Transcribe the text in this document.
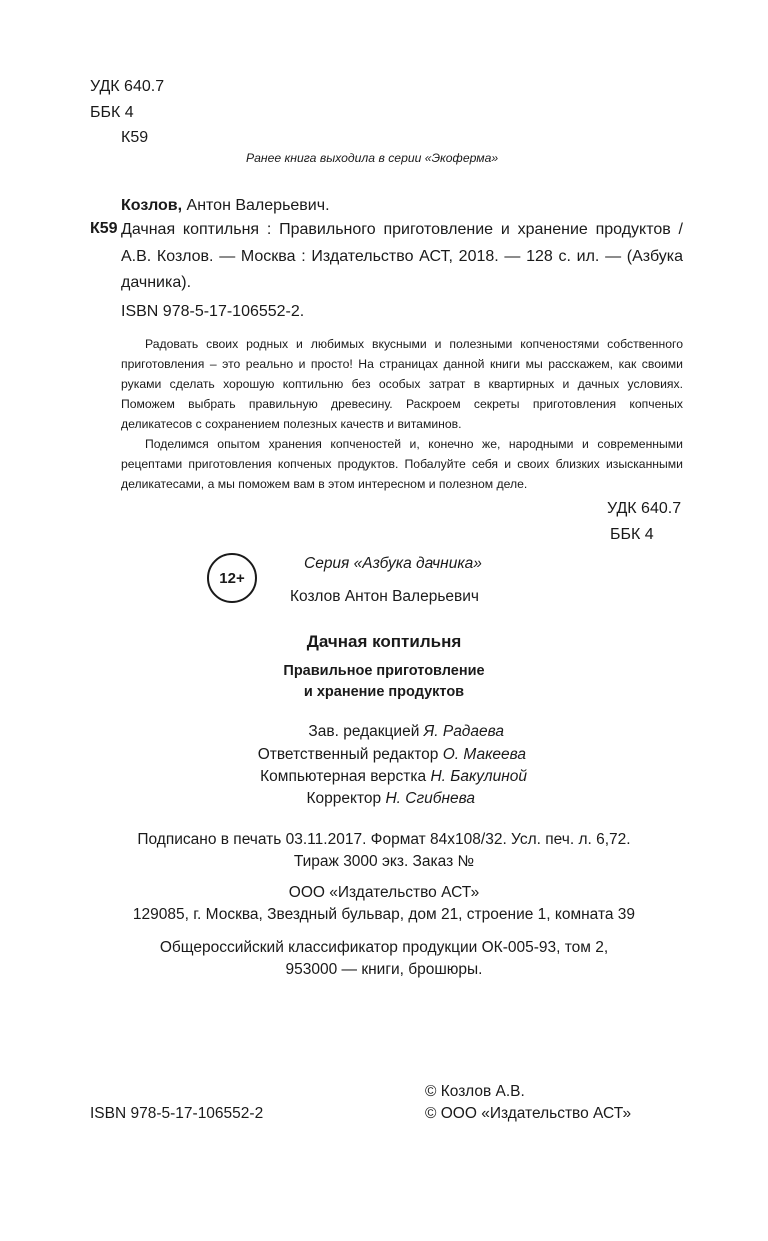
УДК 640.7
ББК 4
К59
Ранее книга выходила в серии «Экоферма»
Козлов, Антон Валерьевич.
К59 Дачная коптильня : Правильного приготовление и хранение продуктов / А.В. Козлов. — Москва : Издательство АСТ, 2018. — 128 с. ил. — (Азбука дачника).
ISBN 978-5-17-106552-2.

Радовать своих родных и любимых вкусными и полезными копченостями собственного приготовления – это реально и просто! На страницах данной книги мы расскажем, как своими руками сделать хорошую коптильню без особых затрат в квартирных и дачных условиях. Поможем выбрать правильную древесину. Раскроем секреты приготовления копченых деликатесов с сохранением полезных качеств и витаминов.

Поделимся опытом хранения копченостей и, конечно же, народными и современными рецептами приготовления копченых продуктов. Побалуйте себя и своих близких изысканными деликатесами, а мы поможем вам в этом интересном и полезном деле.

УДК 640.7
ББК 4
12+
Серия «Азбука дачника»
Козлов Антон Валерьевич
Дачная коптильня
Правильное приготовление
и хранение продуктов
Зав. редакцией Я. Радаева
Ответственный редактор О. Макеева
Компьютерная верстка Н. Бакулиной
Корректор Н. Сгибнева
Подписано в печать 03.11.2017. Формат 84x108/32. Усл. печ. л. 6,72.
Тираж 3000 экз. Заказ №
ООО «Издательство АСТ»
129085, г. Москва, Звездный бульвар, дом 21, строение 1, комната 39
Общероссийский классификатор продукции ОК-005-93, том 2,
953000 — книги, брошюры.
© Козлов А.В.
ISBN 978-5-17-106552-2	© ООО «Издательство АСТ»
